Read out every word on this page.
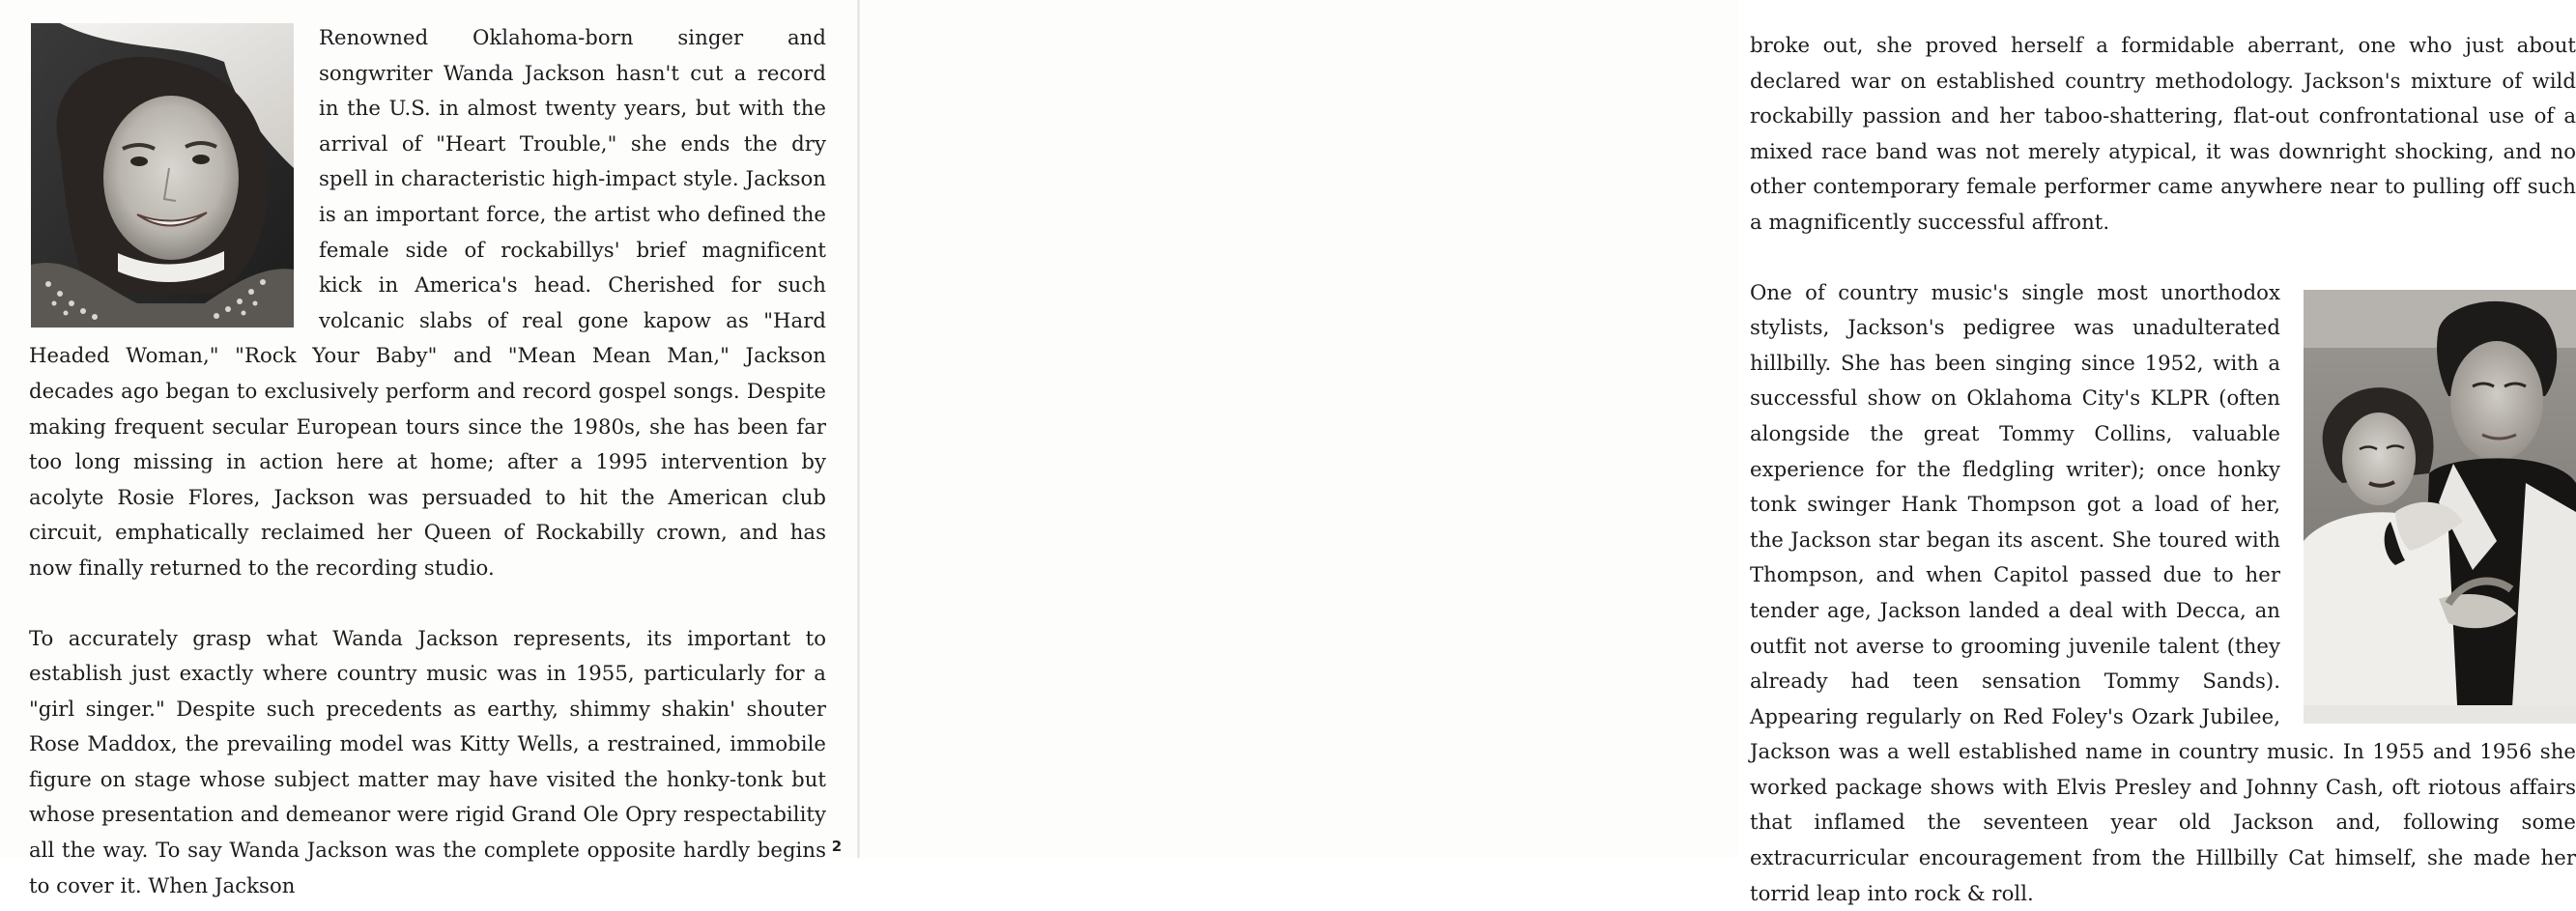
Renowned Oklahoma-born singer and songwriter Wanda Jackson hasn't cut a record in the U.S. in almost twenty years, but with the arrival of "Heart Trouble," she ends the dry spell in characteristic high-impact style. Jackson is an important force, the artist who defined the female side of rockabillys' brief magnificent kick in America's head. Cherished for such volcanic slabs of real gone kapow as "Hard Headed Woman," "Rock Your Baby" and "Mean Mean Man," Jackson decades ago began to exclusively perform and record gospel songs. Despite making frequent secular European tours since the 1980s, she has been far too long missing in action here at home; after a 1995 intervention by acolyte Rosie Flores, Jackson was persuaded to hit the American club circuit, emphatically reclaimed her Queen of Rockabilly crown, and has now finally returned to the recording studio.

To accurately grasp what Wanda Jackson represents, its important to establish just exactly where country music was in 1955, particularly for a "girl singer." Despite such precedents as earthy, shimmy shakin' shouter Rose Maddox, the prevailing model was Kitty Wells, a restrained, immobile figure on stage whose subject matter may have visited the honky-tonk but whose presentation and demeanor were rigid Grand Ole Opry respectability all the way. To say Wanda Jackson was the complete opposite hardly begins to cover it. When Jackson

2

broke out, she proved herself a formidable aberrant, one who just about declared war on established country methodology. Jackson's mixture of wild rockabilly passion and her taboo-shattering, flat-out confrontational use of a mixed race band was not merely atypical, it was downright shocking, and no other contemporary female performer came anywhere near to pulling off such a magnificently successful affront.

One of country music's single most unorthodox stylists, Jackson's pedigree was unadulterated hillbilly. She has been singing since 1952, with a successful show on Oklahoma City's KLPR (often alongside the great Tommy Collins, valuable experience for the fledgling writer); once honky tonk swinger Hank Thompson got a load of her, the Jackson star began its ascent. She toured with Thompson, and when Capitol passed due to her tender age, Jackson landed a deal with Decca, an outfit not averse to grooming juvenile talent (they already had teen sensation Tommy Sands). Appearing regularly on Red Foley's Ozark Jubilee, Jackson was a well established name in country music. In 1955 and 1956 she worked package shows with Elvis Presley and Johnny Cash, oft riotous affairs that inflamed the seventeen year old Jackson and, following some extracurricular encouragement from the Hillbilly Cat himself, she made her torrid leap into rock & roll.
